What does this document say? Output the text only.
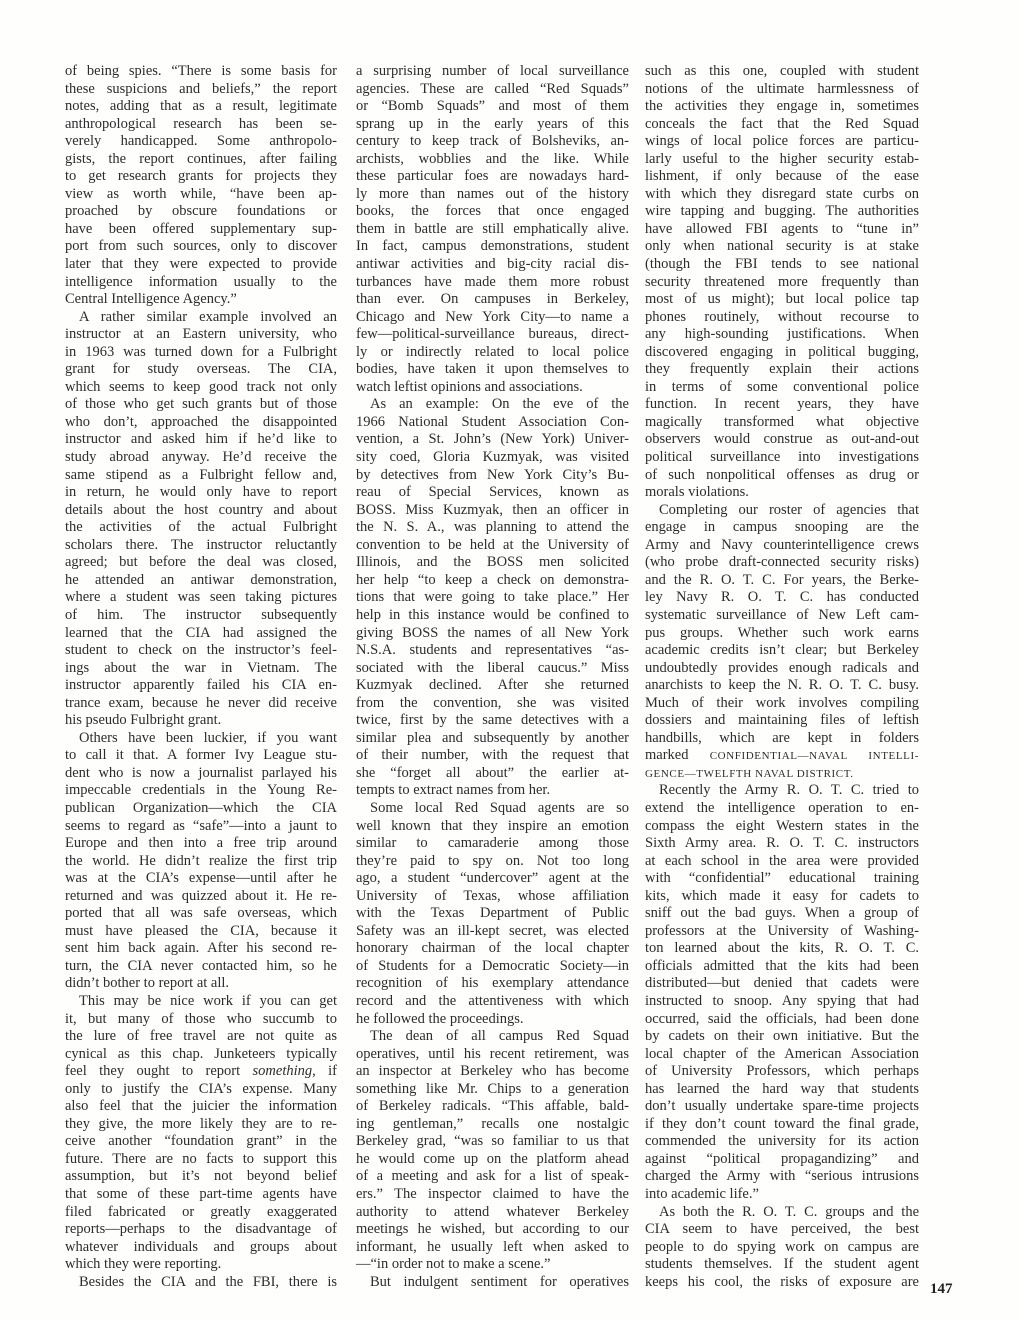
of being spies. “There is some basis for
these suspicions and beliefs,” the report
notes, adding that as a result, legitimate
anthropological research has been se-
verely handicapped. Some anthropolo-
gists, the report continues, after failing
to get research grants for projects they
view as worth while, “have been ap-
proached by obscure foundations or
have been offered supplementary sup-
port from such sources, only to discover
later that they were expected to provide
intelligence information usually to the
Central Intelligence Agency.”
A rather similar example involved an
instructor at an Eastern university, who
in 1963 was turned down for a Fulbright
grant for study overseas. The CIA,
which seems to keep good track not only
of those who get such grants but of those
who don’t, approached the disappointed
instructor and asked him if he’d like to
study abroad anyway. He’d receive the
same stipend as a Fulbright fellow and,
in return, he would only have to report
details about the host country and about
the activities of the actual Fulbright
scholars there. The instructor reluctantly
agreed; but before the deal was closed,
he attended an antiwar demonstration,
where a student was seen taking pictures
of him. The instructor subsequently
learned that the CIA had assigned the
student to check on the instructor’s feel-
ings about the war in Vietnam. The
instructor apparently failed his CIA en-
trance exam, because he never did receive
his pseudo Fulbright grant.
Others have been luckier, if you want
to call it that. A former Ivy League stu-
dent who is now a journalist parlayed his
impeccable credentials in the Young Re-
publican Organization—which the CIA
seems to regard as “safe”—into a jaunt to
Europe and then into a free trip around
the world. He didn’t realize the first trip
was at the CIA’s expense—until after he
returned and was quizzed about it. He re-
ported that all was safe overseas, which
must have pleased the CIA, because it
sent him back again. After his second re-
turn, the CIA never contacted him, so he
didn’t bother to report at all.
This may be nice work if you can get
it, but many of those who succumb to
the lure of free travel are not quite as
cynical as this chap. Junketeers typically
feel they ought to report something, if
only to justify the CIA’s expense. Many
also feel that the juicier the information
they give, the more likely they are to re-
ceive another “foundation grant” in the
future. There are no facts to support this
assumption, but it’s not beyond belief
that some of these part-time agents have
filed fabricated or greatly exaggerated
reports—perhaps to the disadvantage of
whatever individuals and groups about
which they were reporting.
Besides the CIA and the FBI, there is
a surprising number of local surveillance
agencies. These are called “Red Squads”
or “Bomb Squads” and most of them
sprang up in the early years of this
century to keep track of Bolsheviks, an-
archists, wobblies and the like. While
these particular foes are nowadays hard-
ly more than names out of the history
books, the forces that once engaged
them in battle are still emphatically alive.
In fact, campus demonstrations, student
antiwar activities and big-city racial dis-
turbances have made them more robust
than ever. On campuses in Berkeley,
Chicago and New York City—to name a
few—political-surveillance bureaus, direct-
ly or indirectly related to local police
bodies, have taken it upon themselves to
watch leftist opinions and associations.
As an example: On the eve of the
1966 National Student Association Con-
vention, a St. John’s (New York) Univer-
sity coed, Gloria Kuzmyak, was visited
by detectives from New York City’s Bu-
reau of Special Services, known as
BOSS. Miss Kuzmyak, then an officer in
the N. S. A., was planning to attend the
convention to be held at the University of
Illinois, and the BOSS men solicited
her help “to keep a check on demonstra-
tions that were going to take place.” Her
help in this instance would be confined to
giving BOSS the names of all New York
N.S.A. students and representatives “as-
sociated with the liberal caucus.” Miss
Kuzmyak declined. After she returned
from the convention, she was visited
twice, first by the same detectives with a
similar plea and subsequently by another
of their number, with the request that
she “forget all about” the earlier at-
tempts to extract names from her.
Some local Red Squad agents are so
well known that they inspire an emotion
similar to camaraderie among those
they’re paid to spy on. Not too long
ago, a student “undercover” agent at the
University of Texas, whose affiliation
with the Texas Department of Public
Safety was an ill-kept secret, was elected
honorary chairman of the local chapter
of Students for a Democratic Society—in
recognition of his exemplary attendance
record and the attentiveness with which
he followed the proceedings.
The dean of all campus Red Squad
operatives, until his recent retirement, was
an inspector at Berkeley who has become
something like Mr. Chips to a generation
of Berkeley radicals. “This affable, bald-
ing gentleman,” recalls one nostalgic
Berkeley grad, “was so familiar to us that
he would come up on the platform ahead
of a meeting and ask for a list of speak-
ers.” The inspector claimed to have the
authority to attend whatever Berkeley
meetings he wished, but according to our
informant, he usually left when asked to
—“in order not to make a scene.”
But indulgent sentiment for operatives
such as this one, coupled with student
notions of the ultimate harmlessness of
the activities they engage in, sometimes
conceals the fact that the Red Squad
wings of local police forces are particu-
larly useful to the higher security estab-
lishment, if only because of the ease
with which they disregard state curbs on
wire tapping and bugging. The authorities
have allowed FBI agents to “tune in”
only when national security is at stake
(though the FBI tends to see national
security threatened more frequently than
most of us might); but local police tap
phones routinely, without recourse to
any high-sounding justifications. When
discovered engaging in political bugging,
they frequently explain their actions
in terms of some conventional police
function. In recent years, they have
magically transformed what objective
observers would construe as out-and-out
political surveillance into investigations
of such nonpolitical offenses as drug or
morals violations.
Completing our roster of agencies that
engage in campus snooping are the
Army and Navy counterintelligence crews
(who probe draft-connected security risks)
and the R. O. T. C. For years, the Berke-
ley Navy R. O. T. C. has conducted
systematic surveillance of New Left cam-
pus groups. Whether such work earns
academic credits isn’t clear; but Berkeley
undoubtedly provides enough radicals and
anarchists to keep the N. R. O. T. C. busy.
Much of their work involves compiling
dossiers and maintaining files of leftish
handbills, which are kept in folders
marked CONFIDENTIAL—NAVAL INTELLI-
GENCE—TWELFTH NAVAL DISTRICT.
Recently the Army R. O. T. C. tried to
extend the intelligence operation to en-
compass the eight Western states in the
Sixth Army area. R. O. T. C. instructors
at each school in the area were provided
with “confidential” educational training
kits, which made it easy for cadets to
sniff out the bad guys. When a group of
professors at the University of Washing-
ton learned about the kits, R. O. T. C.
officials admitted that the kits had been
distributed—but denied that cadets were
instructed to snoop. Any spying that had
occurred, said the officials, had been done
by cadets on their own initiative. But the
local chapter of the American Association
of University Professors, which perhaps
has learned the hard way that students
don’t usually undertake spare-time projects
if they don’t count toward the final grade,
commended the university for its action
against “political propagandizing” and
charged the Army with “serious intrusions
into academic life.”
As both the R. O. T. C. groups and the
CIA seem to have perceived, the best
people to do spying work on campus are
students themselves. If the student agent
keeps his cool, the risks of exposure are 147
